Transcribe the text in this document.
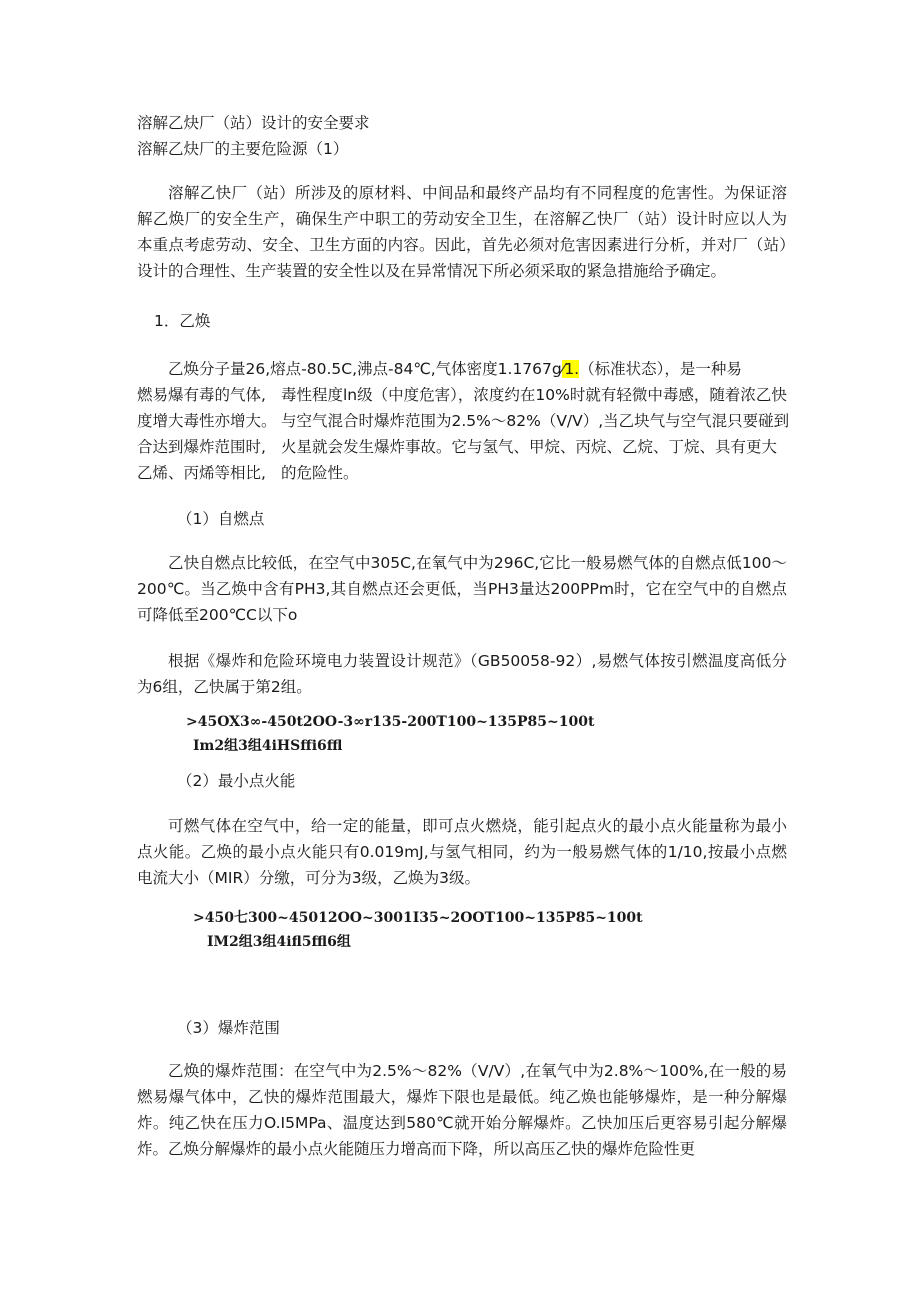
溶解乙炔厂（站）设计的安全要求
溶解乙炔厂的主要危险源（1）
溶解乙快厂（站）所涉及的原材料、中间品和最终产品均有不同程度的危害性。为保证溶解乙焕厂的安全生产，确保生产中职工的劳动安全卫生，在溶解乙快厂（站）设计时应以人为本重点考虑劳动、安全、卫生方面的内容。因此，首先必须对危害因素进行分析，并对厂（站）设计的合理性、生产装置的安全性以及在异常情况下所必须采取的紧急措施给予确定。
1．乙焕
乙焕分子量26,熔点-80.5C,沸点-84℃,气体密度1.1767g⁄1.（标准状态），是一种易
燃易爆有毒的气体,
度增大毒性亦增大。
合达到爆炸范围时,
乙烯、丙烯等相比,
毒性程度ln级（中度危害），浓度约在10%时就有轻微中毒感，随着浓乙快
与空气混合时爆炸范围为2.5%～82%（V/V）,当乙块气与空气混只要碰到
火星就会发生爆炸事故。它与氢气、甲烷、丙烷、乙烷、丁烷、具有更大
的危险性。
（1）自燃点
乙快自燃点比较低，在空气中305C,在氧气中为296C,它比一般易燃气体的自燃点低100～200℃。当乙焕中含有PH3,其自燃点还会更低，当PH3量达200PPm时，它在空气中的自燃点可降低至200℃C以下o
根据《爆炸和危险环境电力装置设计规范》（GB50058-92）,易燃气体按引燃温度高低分为6组，乙快属于第2组。
>45OX3∞-450t2OO-3∞r135-200T100~135P85~100t
Im2组3组4iHSffi6ffl
（2）最小点火能
可燃气体在空气中，给一定的能量，即可点火燃烧，能引起点火的最小点火能量称为最小点火能。乙焕的最小点火能只有0.019mJ,与氢气相同，约为一般易燃气体的1/10,按最小点燃电流大小（MIR）分缴，可分为3级，乙焕为3级。
>450七300~45012OO~3001I35~2OOT100~135P85~100t
IM2组3组4ifl5ffl6组
（3）爆炸范围
乙焕的爆炸范围：在空气中为2.5%～82%（V/V）,在氧气中为2.8%～100%,在一般的易燃易爆气体中，乙快的爆炸范围最大，爆炸下限也是最低。纯乙焕也能够爆炸，是一种分解爆炸。纯乙快在压力O.I5MPa、温度达到580℃就开始分解爆炸。乙快加压后更容易引起分解爆炸。乙焕分解爆炸的最小点火能随压力增高而下降，所以高压乙快的爆炸危险性更
